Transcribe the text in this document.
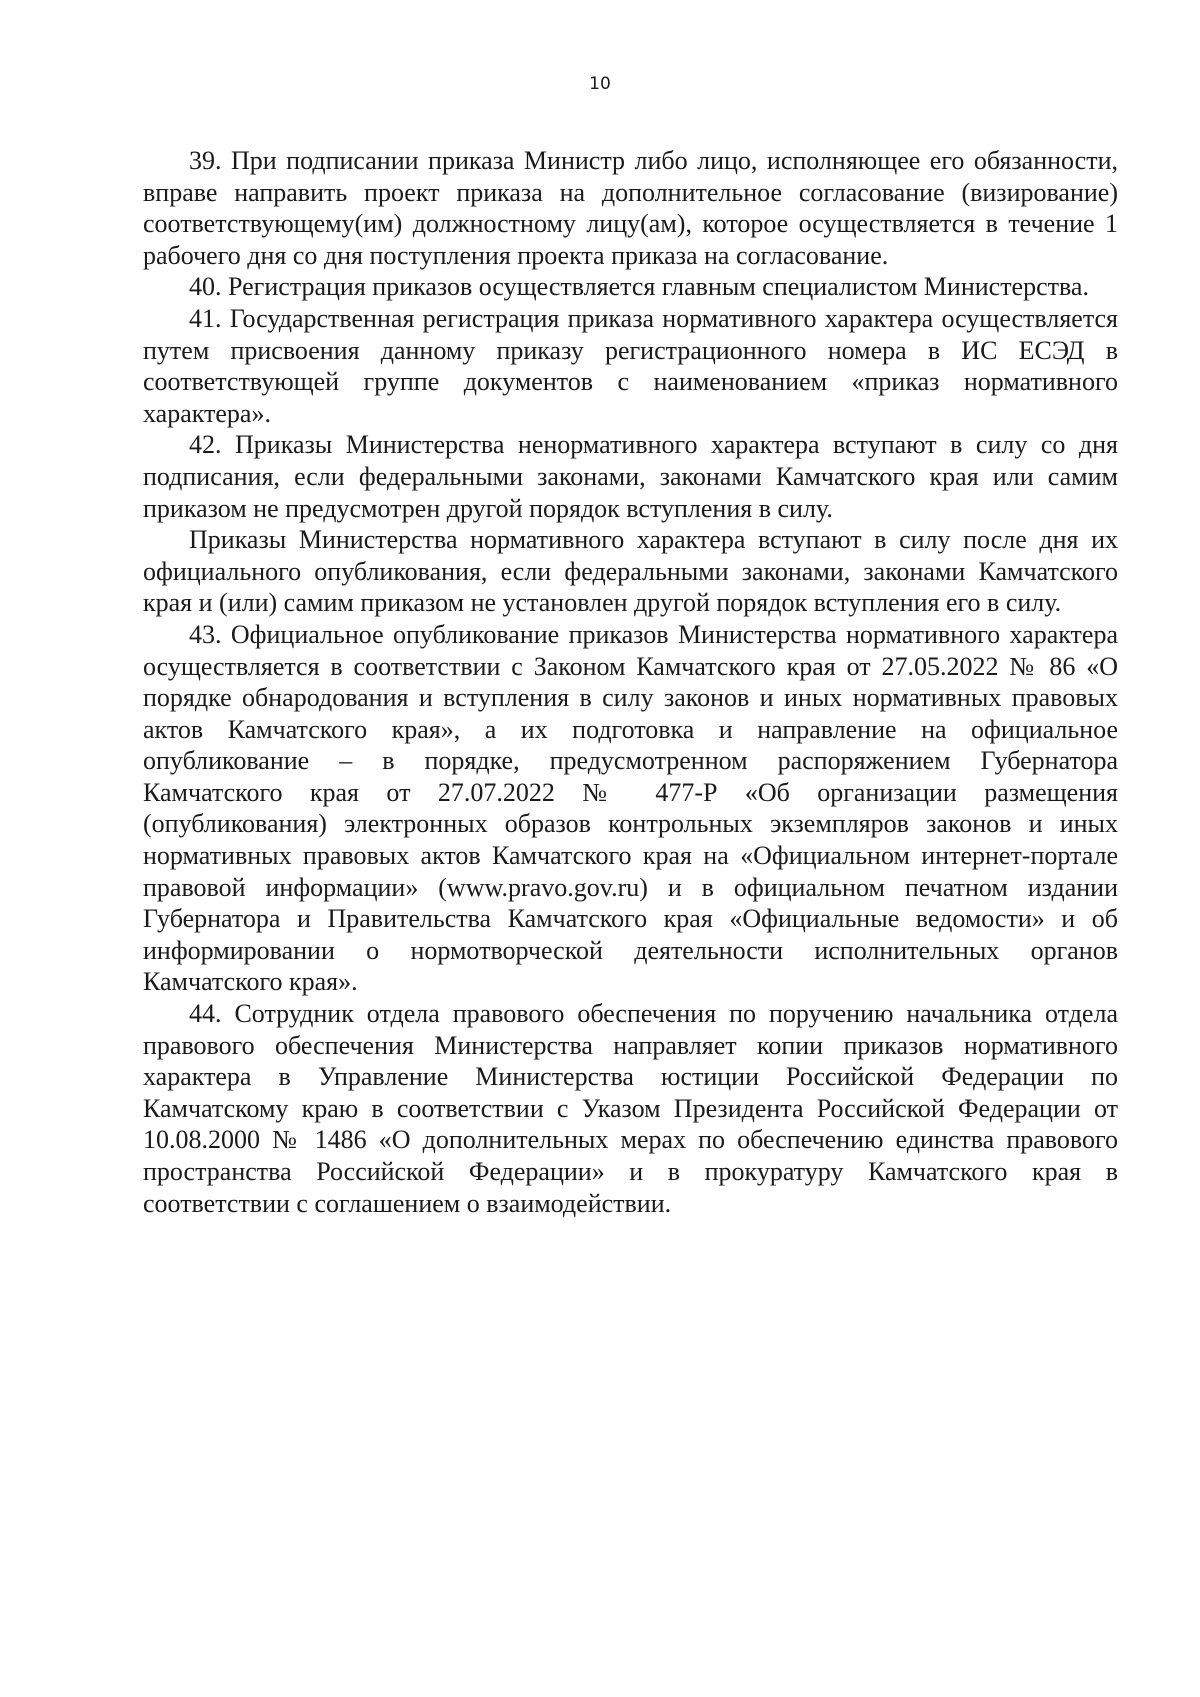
10

39. При подписании приказа Министр либо лицо, исполняющее его обязанности, вправе направить проект приказа на дополнительное согласование (визирование) соответствующему(им) должностному лицу(ам), которое осуществляется в течение 1 рабочего дня со дня поступления проекта приказа на согласование.

40. Регистрация приказов осуществляется главным специалистом Министерства.

41. Государственная регистрация приказа нормативного характера осуществляется путем присвоения данному приказу регистрационного номера в ИС ЕСЭД в соответствующей группе документов с наименованием «приказ нормативного характера».

42. Приказы Министерства ненормативного характера вступают в силу со дня подписания, если федеральными законами, законами Камчатского края или самим приказом не предусмотрен другой порядок вступления в силу.

Приказы Министерства нормативного характера вступают в силу после дня их официального опубликования, если федеральными законами, законами Камчатского края и (или) самим приказом не установлен другой порядок вступления его в силу.

43. Официальное опубликование приказов Министерства нормативного характера осуществляется в соответствии с Законом Камчатского края от 27.05.2022 № 86 «О порядке обнародования и вступления в силу законов и иных нормативных правовых актов Камчатского края», а их подготовка и направление на официальное опубликование – в порядке, предусмотренном распоряжением Губернатора Камчатского края от 27.07.2022 № 477-Р «Об организации размещения (опубликования) электронных образов контрольных экземпляров законов и иных нормативных правовых актов Камчатского края на «Официальном интернет-портале правовой информации» (www.pravo.gov.ru) и в официальном печатном издании Губернатора и Правительства Камчатского края «Официальные ведомости» и об информировании о нормотворческой деятельности исполнительных органов Камчатского края».

44. Сотрудник отдела правового обеспечения по поручению начальника отдела правового обеспечения Министерства направляет копии приказов нормативного характера в Управление Министерства юстиции Российской Федерации по Камчатскому краю в соответствии с Указом Президента Российской Федерации от 10.08.2000 № 1486 «О дополнительных мерах по обеспечению единства правового пространства Российской Федерации» и в прокуратуру Камчатского края в соответствии с соглашением о взаимодействии.
